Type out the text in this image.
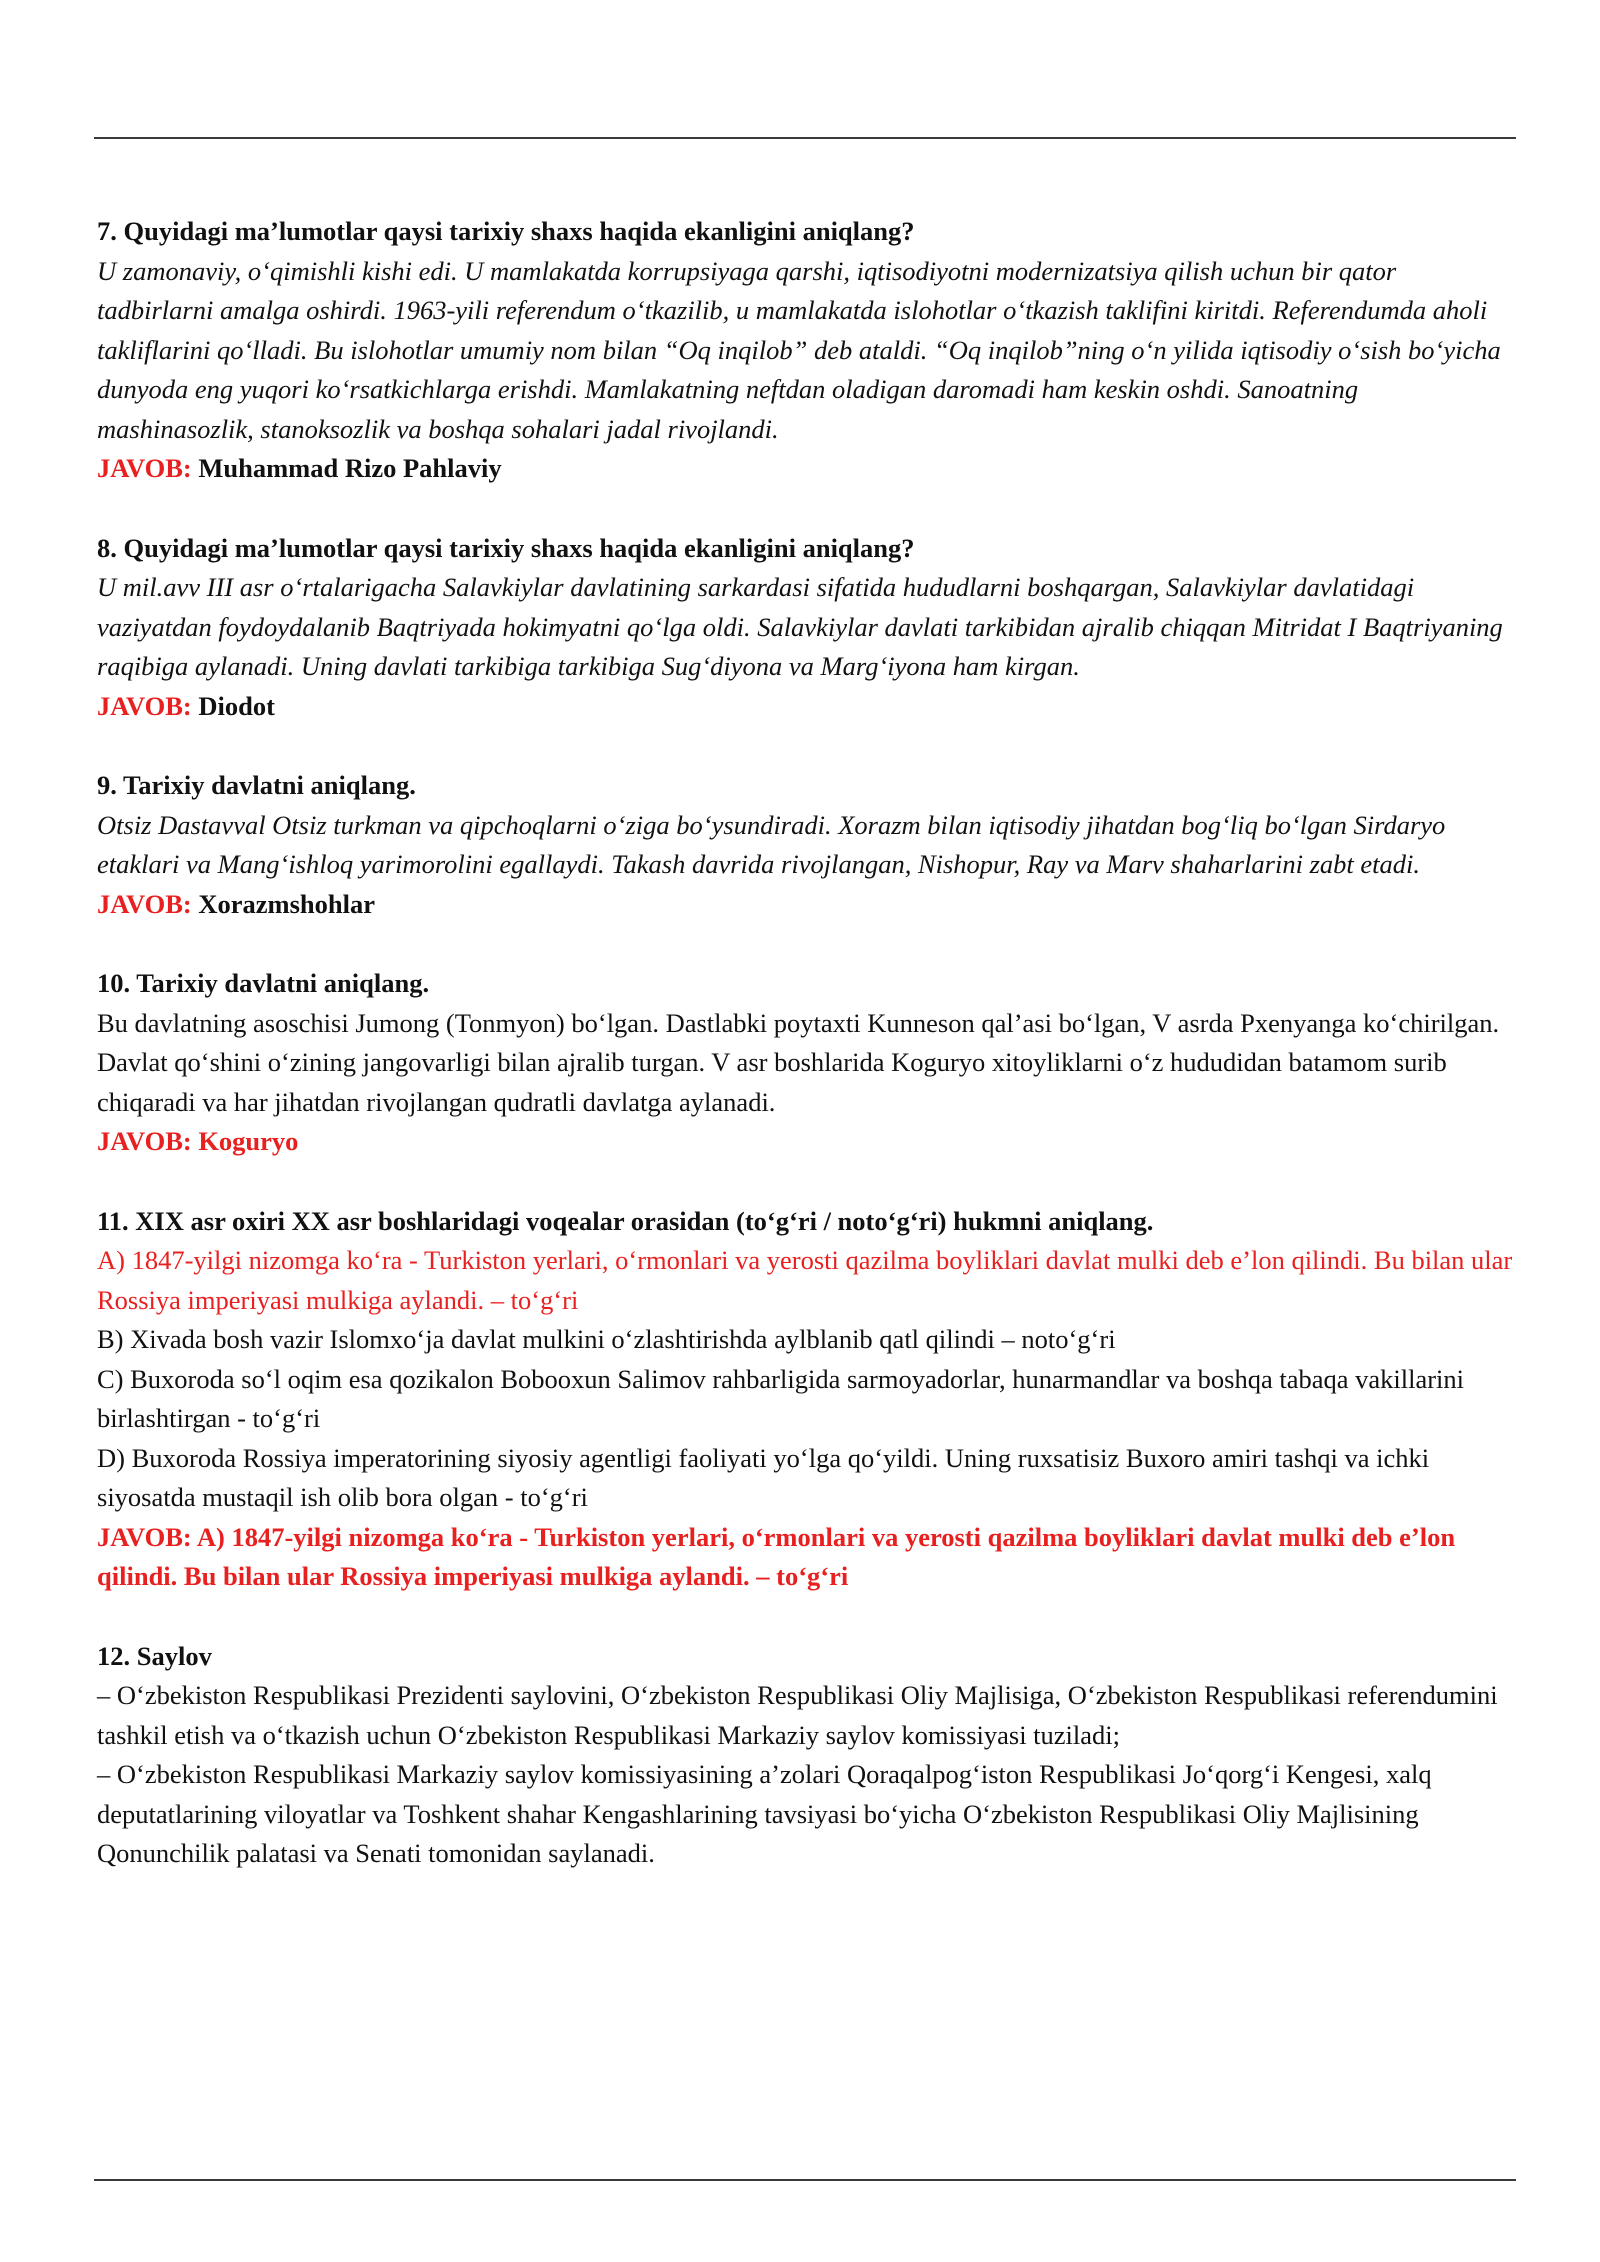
7. Quyidagi ma’lumotlar qaysi tarixiy shaxs haqida ekanligini aniqlang?

U zamonaviy, o‘qimishli kishi edi. U mamlakatda korrupsiyaga qarshi, iqtisodiyotni modernizatsiya qilish uchun bir qator tadbirlarni amalga oshirdi. 1963-yili referendum o‘tkazilib, u mamlakatda islohotlar o‘tkazish taklifini kiritdi. Referendumda aholi takliflarini qo‘lladi. Bu islohotlar umumiy nom bilan “Oq inqilob” deb ataldi. “Oq inqilob”ning o‘n yilida iqtisodiy o‘sish bo‘yicha dunyoda eng yuqori ko‘rsatkichlarga erishdi. Mamlakatning neftdan oladigan daromadi ham keskin oshdi. Sanoatning mashinasozlik, stanoksozlik va boshqa sohalari jadal rivojlandi.

JAVOB: Muhammad Rizo Pahlaviy

8. Quyidagi ma’lumotlar qaysi tarixiy shaxs haqida ekanligini aniqlang?

U mil.avv III asr o‘rtalarigacha Salavkiylar davlatining sarkardasi sifatida hududlarni boshqargan, Salavkiylar davlatidagi vaziyatdan foydoydalanib Baqtriyada hokimyatni qo‘lga oldi. Salavkiylar davlati tarkibidan ajralib chiqqan Mitridat I Baqtriyaning raqibiga aylanadi. Uning davlati tarkibiga tarkibiga Sug‘diyona va Marg‘iyona ham kirgan.

JAVOB: Diodot

9. Tarixiy davlatni aniqlang.

Otsiz Dastavval Otsiz turkman va qipchoqlarni o‘ziga bo‘ysundiradi. Xorazm bilan iqtisodiy jihatdan bog‘liq bo‘lgan Sirdaryo etaklari va Mang‘ishloq yarimorolini egallaydi. Takash davrida rivojlangan, Nishopur, Ray va Marv shaharlarini zabt etadi.

JAVOB: Xorazmshohlar

10. Tarixiy davlatni aniqlang.

Bu davlatning asoschisi Jumong (Tonmyon) bo‘lgan. Dastlabki poytaxti Kunneson qal’asi bo‘lgan, V asrda Pxenyanga ko‘chirilgan. Davlat qo‘shini o‘zining jangovarligi bilan ajralib turgan. V asr boshlarida Koguryo xitoyliklarni o‘z hududidan batamom surib chiqaradi va har jihatdan rivojlangan qudratli davlatga aylanadi.

JAVOB: Koguryo

11. XIX asr oxiri XX asr boshlaridagi voqealar orasidan (to‘g‘ri / noto‘g‘ri) hukmni aniqlang.

A) 1847-yilgi nizomga ko‘ra - Turkiston yerlari, o‘rmonlari va yerosti qazilma boyliklari davlat mulki deb e’lon qilindi. Bu bilan ular Rossiya imperiyasi mulkiga aylandi. – to‘g‘ri

B) Xivada bosh vazir Islomxo‘ja davlat mulkini o‘zlashtirishda aylblanib qatl qilindi – noto‘g‘ri

C) Buxoroda so‘l oqim esa qozikalon Bobooxun Salimov rahbarligida sarmoyadorlar, hunarmandlar va boshqa tabaqa vakillarini birlashtirgan - to‘g‘ri

D) Buxoroda Rossiya imperatorining siyosiy agentligi faoliyati yo‘lga qo‘yildi. Uning ruxsatisiz Buxoro amiri tashqi va ichki siyosatda mustaqil ish olib bora olgan - to‘g‘ri

JAVOB: A) 1847-yilgi nizomga ko‘ra - Turkiston yerlari, o‘rmonlari va yerosti qazilma boyliklari davlat mulki deb e’lon qilindi. Bu bilan ular Rossiya imperiyasi mulkiga aylandi. – to‘g‘ri

12. Saylov

– O‘zbekiston Respublikasi Prezidenti saylovini, O‘zbekiston Respublikasi Oliy Majlisiga, O‘zbekiston Respublikasi referendumini tashkil etish va o‘tkazish uchun O‘zbekiston Respublikasi Markaziy saylov komissiyasi tuziladi;

– O‘zbekiston Respublikasi Markaziy saylov komissiyasining a’zolari Qoraqalpog‘iston Respublikasi Jo‘qorg‘i Kengesi, xalq deputatlarining viloyatlar va Toshkent shahar Kengashlarining tavsiyasi bo‘yicha O‘zbekiston Respublikasi Oliy Majlisining Qonunchilik palatasi va Senati tomonidan saylanadi.
